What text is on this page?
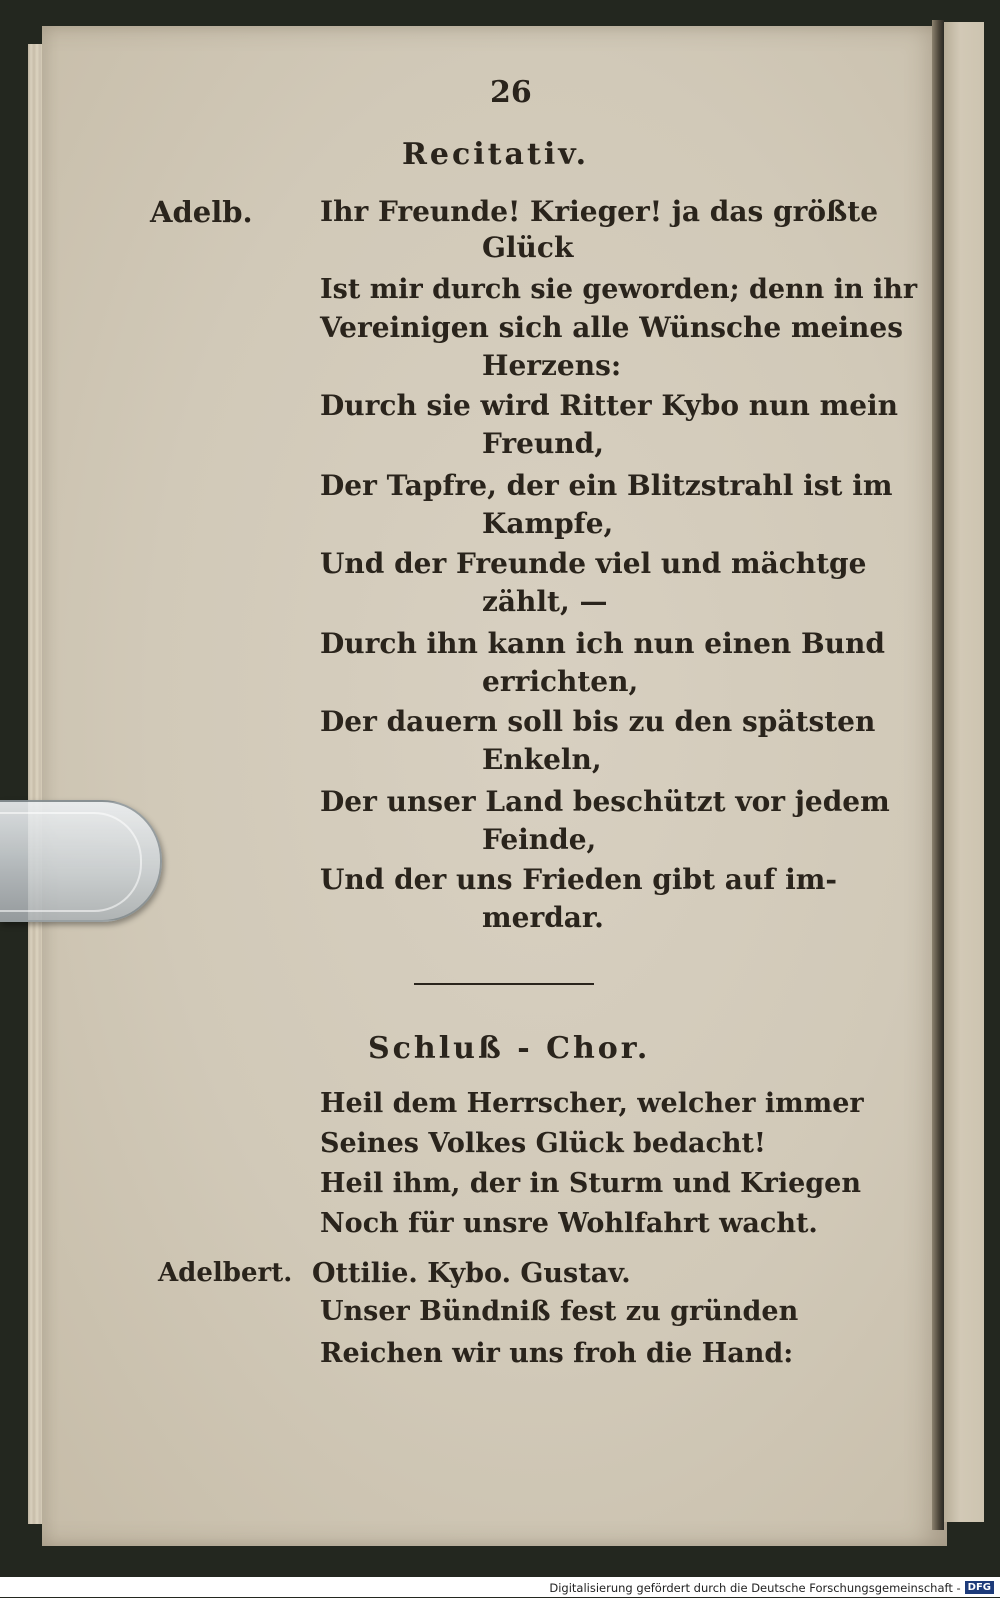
26
Recitativ.
Adelb. Ihr Freunde! Krieger! ja das größte
Glück
Ist mir durch sie geworden; denn in ihr
Vereinigen sich alle Wünsche meines
Herzens:
Durch sie wird Ritter Kybo nun mein
Freund,
Der Tapfre, der ein Blitzstrahl ist im
Kampfe,
Und der Freunde viel und mächtge
zählt, —
Durch ihn kann ich nun einen Bund
errichten,
Der dauern soll bis zu den spätsten
Enkeln,
Der unser Land beschützt vor jedem
Feinde,
Und der uns Frieden gibt auf im-
merdar.
Schluß - Chor.
Heil dem Herrscher, welcher immer
Seines Volkes Glück bedacht!
Heil ihm, der in Sturm und Kriegen
Noch für unsre Wohlfahrt wacht.
Adelbert. Ottilie. Kybo. Gustav.
Unser Bündniß fest zu gründen
Reichen wir uns froh die Hand:
Digitalisierung gefördert durch die Deutsche Forschungsgemeinschaft - DFG
